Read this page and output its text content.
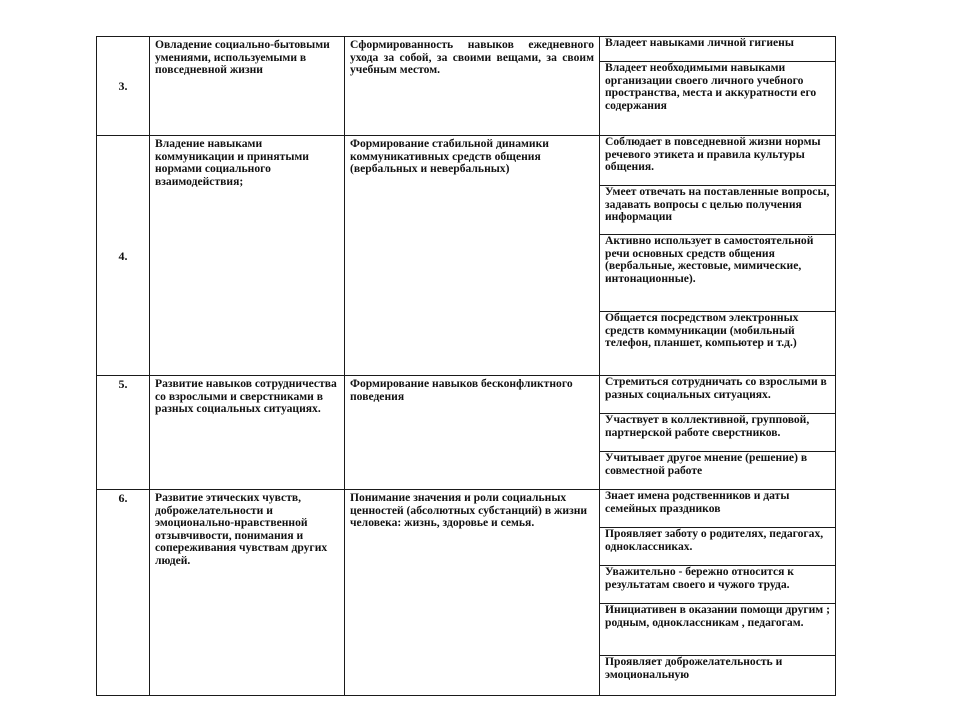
3.	Овладение социально-бытовыми умениями, используемыми в повседневной жизни	Сформированность навыков ежедневного ухода за собой, за своими вещами, за своим учебным местом.	Владеет навыками личной гигиены
			Владеет необходимыми навыками организации своего личного учебного пространства, места и аккуратности его содержания
4.	Владение навыками коммуникации и принятыми нормами социального взаимодействия;	Формирование стабильной динамики коммуникативных средств общения (вербальных и невербальных)	Соблюдает в повседневной жизни нормы речевого этикета и правила культуры общения.
			Умеет отвечать на поставленные вопросы, задавать вопросы с целью получения информации
			Активно использует в самостоятельной речи основных средств общения (вербальные, жестовые, мимические, интонационные).
			Общается посредством электронных средств коммуникации (мобильный телефон, планшет, компьютер и т.д.)
5.	Развитие навыков сотрудничества со взрослыми и сверстниками в разных социальных ситуациях.	Формирование навыков бесконфликтного поведения	Стремиться сотрудничать со взрослыми в разных социальных ситуациях.
			Участвует в коллективной, групповой, партнерской работе сверстников.
			Учитывает другое мнение (решение) в совместной работе
6.	Развитие этических чувств, доброжелательности и эмоционально-нравственной отзывчивости, понимания и сопереживания чувствам других людей.	Понимание значения и роли социальных ценностей (абсолютных субстанций) в жизни человека: жизнь, здоровье и семья.	Знает имена родственников и даты семейных праздников
			Проявляет заботу о родителях, педагогах, одноклассниках.
			Уважительно - бережно относится к результатам своего и чужого труда.
			Инициативен в оказании помощи другим ; родным, одноклассникам , педагогам.
			Проявляет доброжелательность и эмоциональную
